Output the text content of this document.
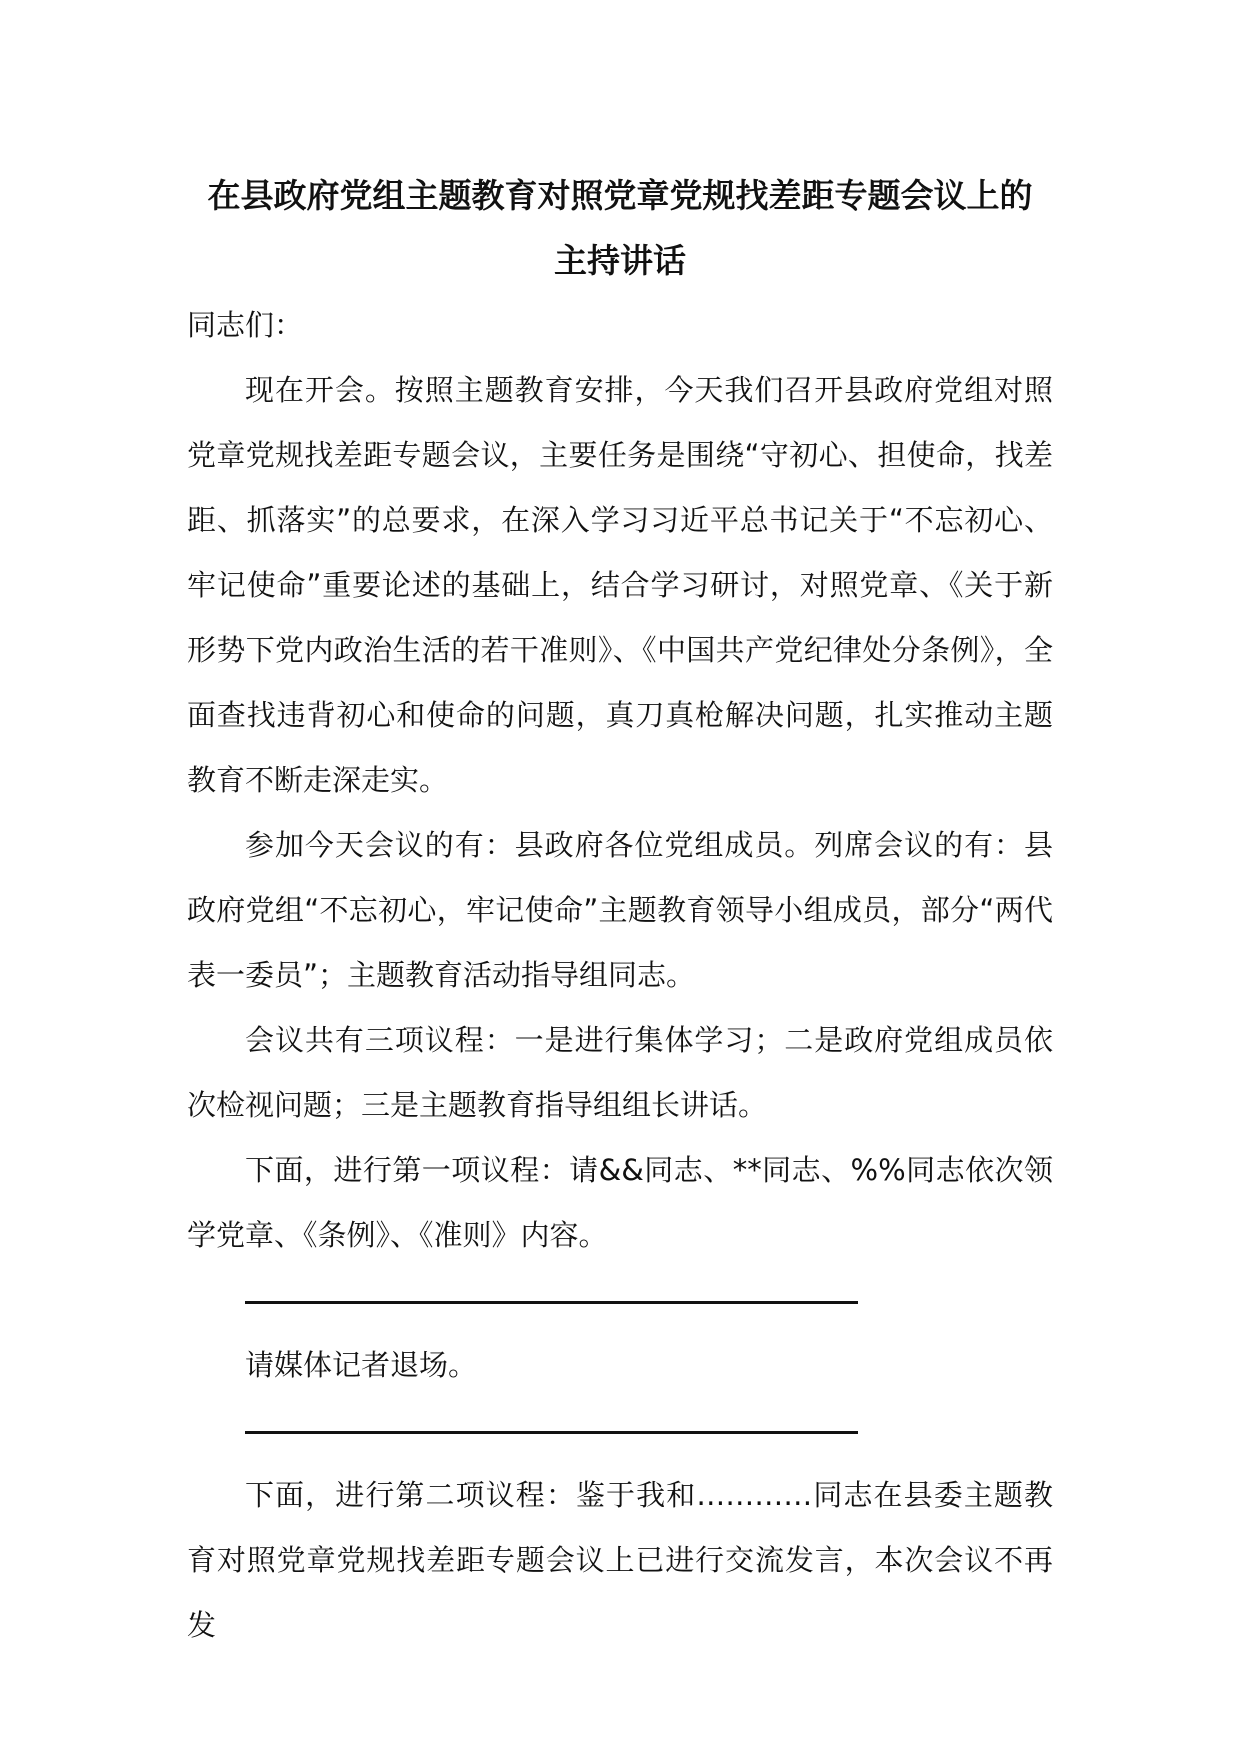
在县政府党组主题教育对照党章党规找差距专题会议上的
主持讲话

同志们：

现在开会。按照主题教育安排，今天我们召开县政府党组对照党章党规找差距专题会议，主要任务是围绕“守初心、担使命，找差距、抓落实”的总要求，在深入学习习近平总书记关于“不忘初心、牢记使命”重要论述的基础上，结合学习研讨，对照党章、《关于新形势下党内政治生活的若干准则》、《中国共产党纪律处分条例》，全面查找违背初心和使命的问题，真刀真枪解决问题，扎实推动主题教育不断走深走实。

参加今天会议的有：县政府各位党组成员。列席会议的有：县政府党组“不忘初心，牢记使命”主题教育领导小组成员，部分“两代表一委员”；主题教育活动指导组同志。

会议共有三项议程：一是进行集体学习；二是政府党组成员依次检视问题；三是主题教育指导组组长讲话。

下面，进行第一项议程：请&&同志、**同志、%%同志依次领学党章、《条例》、《准则》内容。

请媒体记者退场。

下面，进行第二项议程：鉴于我和…………同志在县委主题教育对照党章党规找差距专题会议上已进行交流发言，本次会议不再发
